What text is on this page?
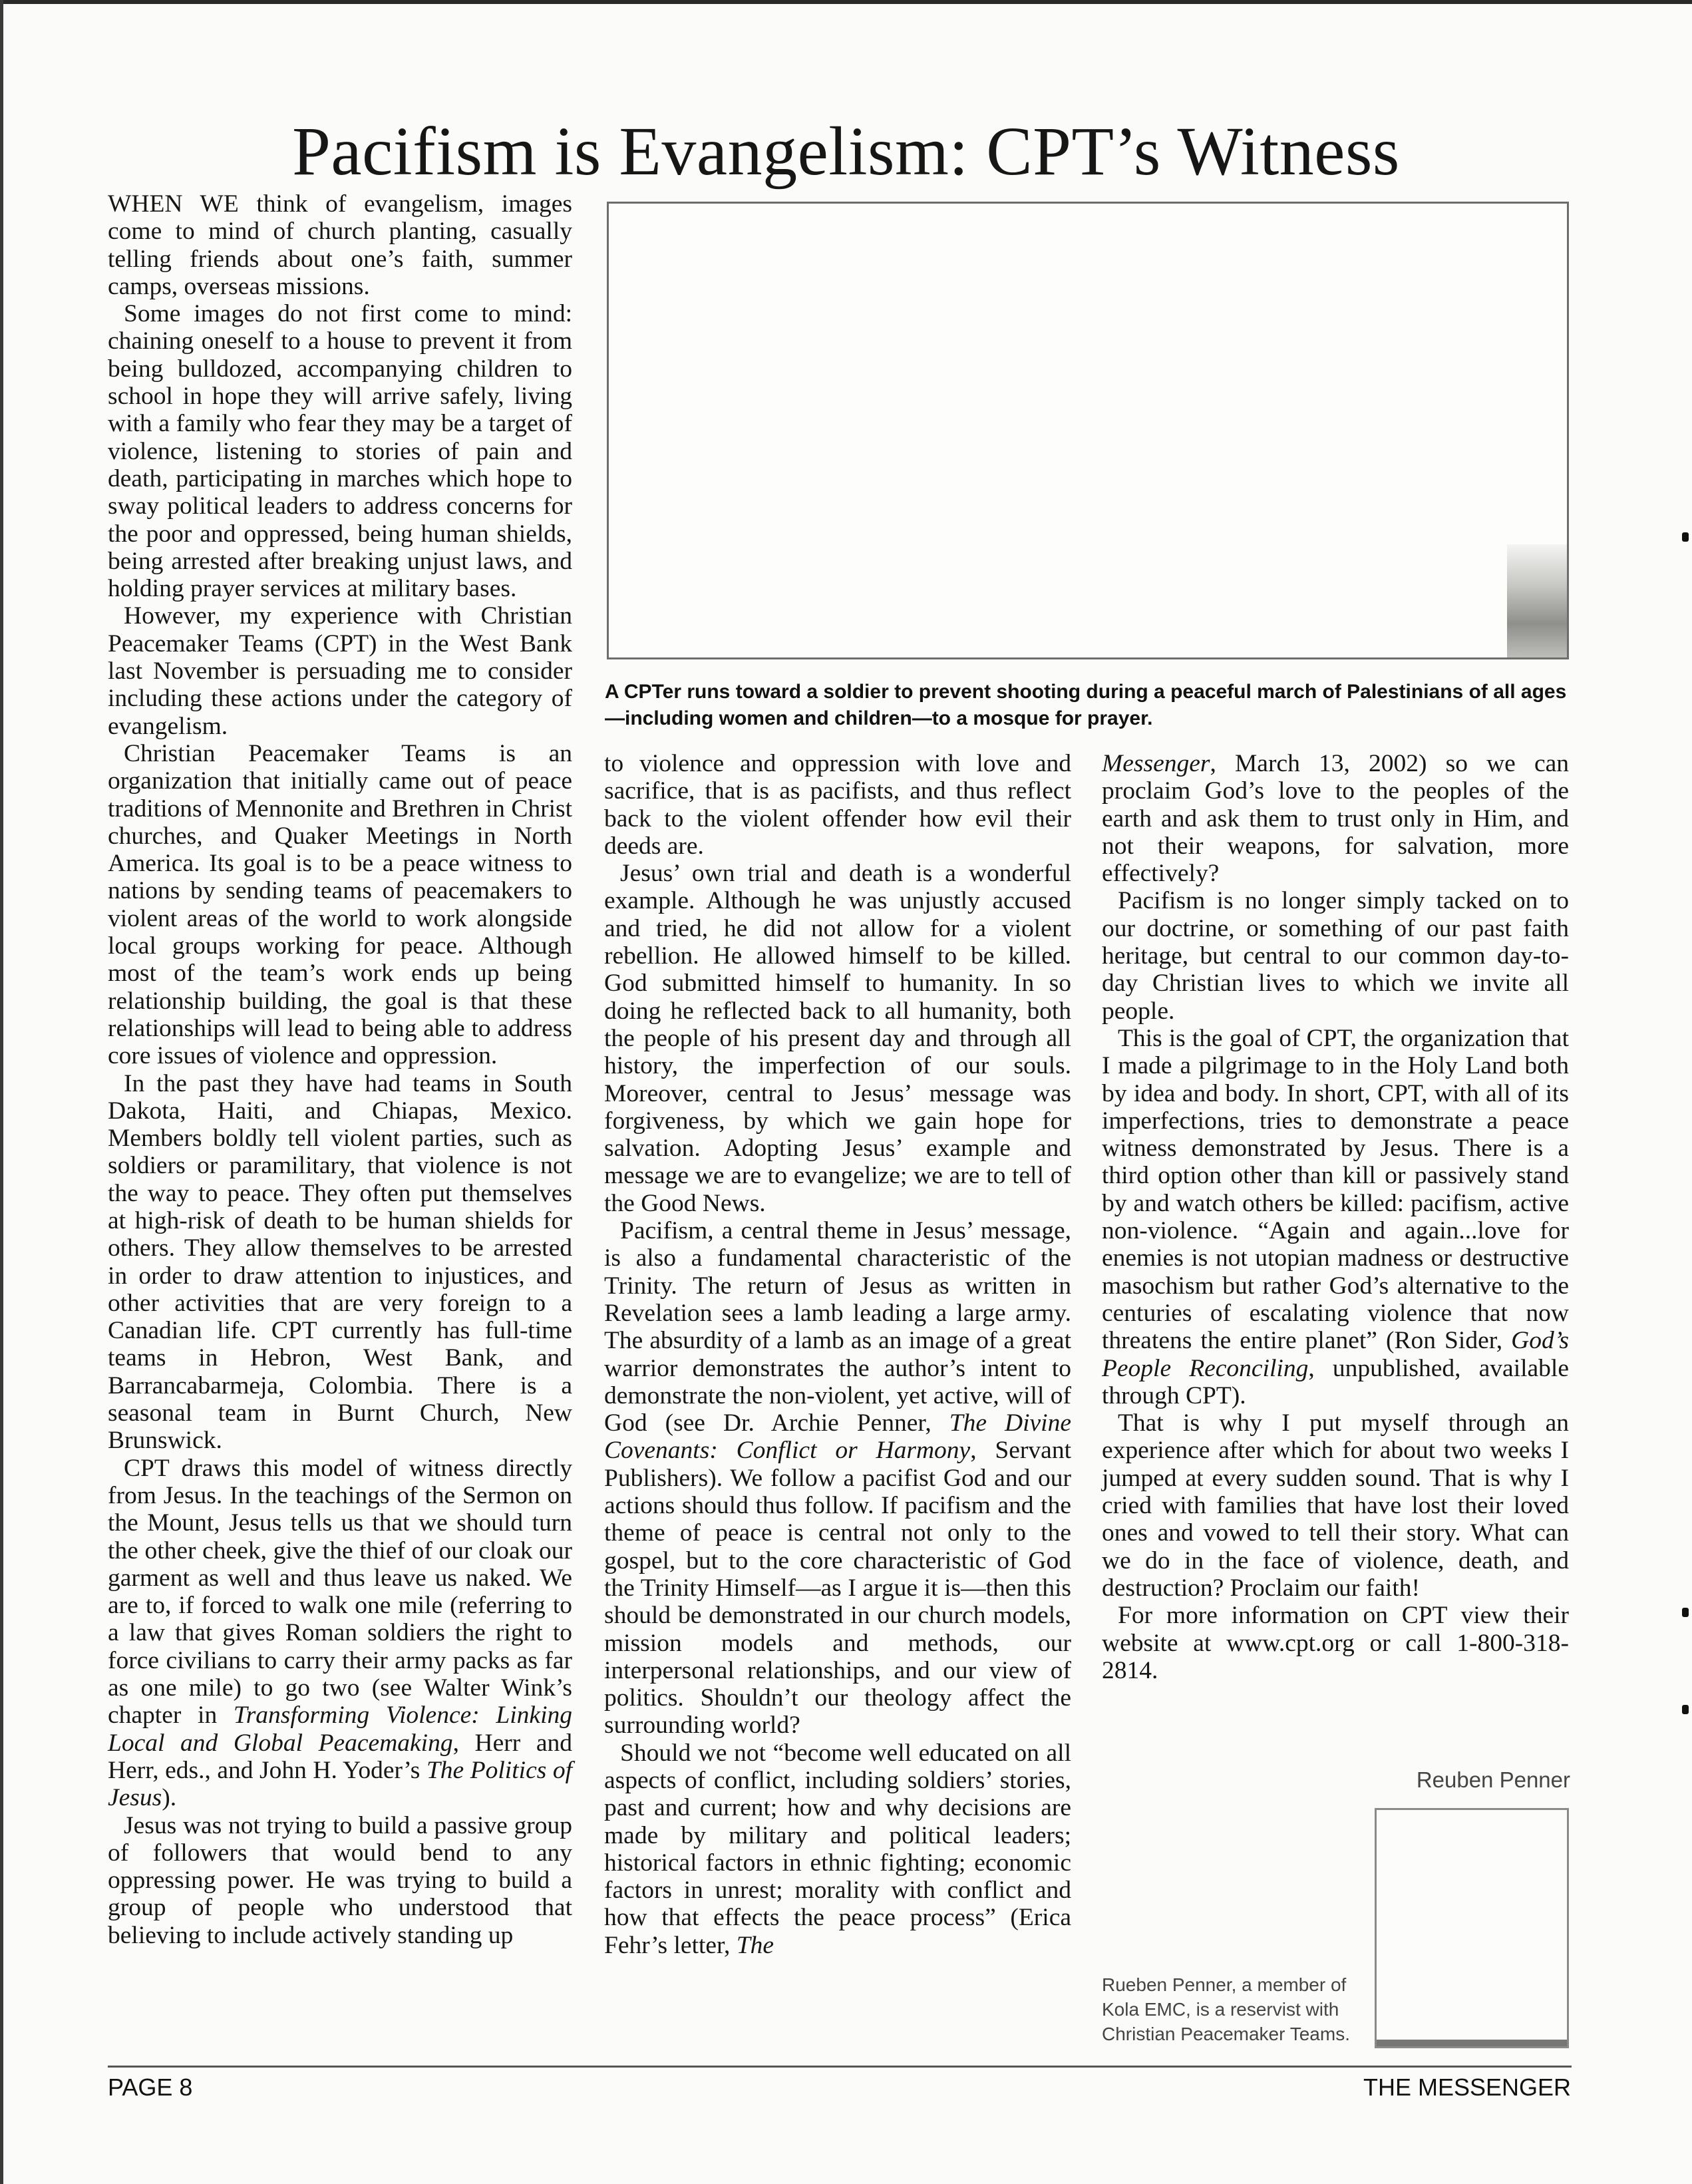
Pacifism is Evangelism: CPT’s Witness

WHEN WE think of evangelism, images come to mind of church planting, casually telling friends about one’s faith, summer camps, overseas missions.

Some images do not first come to mind: chaining oneself to a house to prevent it from being bulldozed, accompanying children to school in hope they will arrive safely, living with a family who fear they may be a target of violence, listening to stories of pain and death, participating in marches which hope to sway political leaders to address concerns for the poor and oppressed, being human shields, being arrested after breaking unjust laws, and holding prayer services at military bases.

However, my experience with Christian Peacemaker Teams (CPT) in the West Bank last November is persuading me to consider including these actions under the category of evangelism.

Christian Peacemaker Teams is an organization that initially came out of peace traditions of Mennonite and Brethren in Christ churches, and Quaker Meetings in North America. Its goal is to be a peace witness to nations by sending teams of peacemakers to violent areas of the world to work alongside local groups working for peace. Although most of the team’s work ends up being relationship building, the goal is that these relationships will lead to being able to address core issues of violence and oppression.

In the past they have had teams in South Dakota, Haiti, and Chiapas, Mexico. Members boldly tell violent parties, such as soldiers or paramilitary, that violence is not the way to peace. They often put themselves at high-risk of death to be human shields for others. They allow themselves to be arrested in order to draw attention to injustices, and other activities that are very foreign to a Canadian life. CPT currently has full-time teams in Hebron, West Bank, and Barrancabarmeja, Colombia. There is a seasonal team in Burnt Church, New Brunswick.

CPT draws this model of witness directly from Jesus. In the teachings of the Sermon on the Mount, Jesus tells us that we should turn the other cheek, give the thief of our cloak our garment as well and thus leave us naked. We are to, if forced to walk one mile (referring to a law that gives Roman soldiers the right to force civilians to carry their army packs as far as one mile) to go two (see Walter Wink’s chapter in Transforming Violence: Linking Local and Global Peacemaking, Herr and Herr, eds., and John H. Yoder’s The Politics of Jesus).

Jesus was not trying to build a passive group of followers that would bend to any oppressing power. He was trying to build a group of people who understood that believing to include actively standing up

A CPTer runs toward a soldier to prevent shooting during a peaceful march of Palestinians of all ages—including women and children—to a mosque for prayer.

to violence and oppression with love and sacrifice, that is as pacifists, and thus reflect back to the violent offender how evil their deeds are.

Jesus’ own trial and death is a wonderful example. Although he was unjustly accused and tried, he did not allow for a violent rebellion. He allowed himself to be killed. God submitted himself to humanity. In so doing he reflected back to all humanity, both the people of his present day and through all history, the imperfection of our souls. Moreover, central to Jesus’ message was forgiveness, by which we gain hope for salvation. Adopting Jesus’ example and message we are to evangelize; we are to tell of the Good News.

Pacifism, a central theme in Jesus’ message, is also a fundamental characteristic of the Trinity. The return of Jesus as written in Revelation sees a lamb leading a large army. The absurdity of a lamb as an image of a great warrior demonstrates the author’s intent to demonstrate the non-violent, yet active, will of God (see Dr. Archie Penner, The Divine Covenants: Conflict or Harmony, Servant Publishers). We follow a pacifist God and our actions should thus follow. If pacifism and the theme of peace is central not only to the gospel, but to the core characteristic of God the Trinity Himself—as I argue it is—then this should be demonstrated in our church models, mission models and methods, our interpersonal relationships, and our view of politics. Shouldn’t our theology affect the surrounding world?

Should we not “become well educated on all aspects of conflict, including soldiers’ stories, past and current; how and why decisions are made by military and political leaders; historical factors in ethnic fighting; economic factors in unrest; morality with conflict and how that effects the peace process” (Erica Fehr’s letter, The

Messenger, March 13, 2002) so we can proclaim God’s love to the peoples of the earth and ask them to trust only in Him, and not their weapons, for salvation, more effectively?

Pacifism is no longer simply tacked on to our doctrine, or something of our past faith heritage, but central to our common day-to-day Christian lives to which we invite all people.

This is the goal of CPT, the organization that I made a pilgrimage to in the Holy Land both by idea and body. In short, CPT, with all of its imperfections, tries to demonstrate a peace witness demonstrated by Jesus. There is a third option other than kill or passively stand by and watch others be killed: pacifism, active non-violence. “Again and again...love for enemies is not utopian madness or destructive masochism but rather God’s alternative to the centuries of escalating violence that now threatens the entire planet” (Ron Sider, God’s People Reconciling, unpublished, available through CPT).

That is why I put myself through an experience after which for about two weeks I jumped at every sudden sound. That is why I cried with families that have lost their loved ones and vowed to tell their story. What can we do in the face of violence, death, and destruction? Proclaim our faith!

For more information on CPT view their website at www.cpt.org or call 1-800-318-2814.

Reuben Penner
Rueben Penner, a member of Kola EMC, is a reservist with Christian Peacemaker Teams.
PAGE 8	THE MESSENGER
